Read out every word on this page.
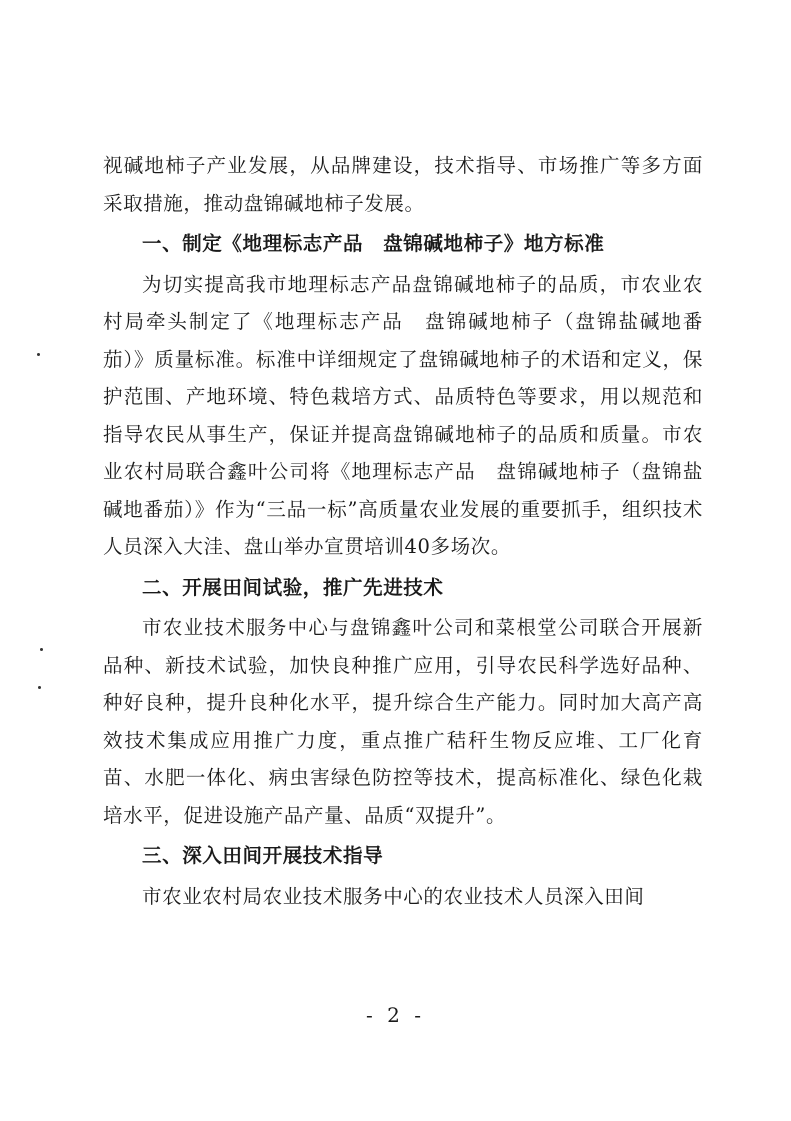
视碱地柿子产业发展，从品牌建设，技术指导、市场推广等多方面采取措施，推动盘锦碱地柿子发展。

一、制定《地理标志产品　盘锦碱地柿子》地方标准

为切实提高我市地理标志产品盘锦碱地柿子的品质，市农业农村局牵头制定了《地理标志产品　盘锦碱地柿子（盘锦盐碱地番茄）》质量标准。标准中详细规定了盘锦碱地柿子的术语和定义，保护范围、产地环境、特色栽培方式、品质特色等要求，用以规范和指导农民从事生产，保证并提高盘锦碱地柿子的品质和质量。市农业农村局联合鑫叶公司将《地理标志产品　盘锦碱地柿子（盘锦盐碱地番茄）》作为“三品一标”高质量农业发展的重要抓手，组织技术人员深入大洼、盘山举办宣贯培训40多场次。

二、开展田间试验，推广先进技术

市农业技术服务中心与盘锦鑫叶公司和菜根堂公司联合开展新品种、新技术试验，加快良种推广应用，引导农民科学选好品种、种好良种，提升良种化水平，提升综合生产能力。同时加大高产高效技术集成应用推广力度，重点推广秸秆生物反应堆、工厂化育苗、水肥一体化、病虫害绿色防控等技术，提高标准化、绿色化栽培水平，促进设施产品产量、品质“双提升”。

三、深入田间开展技术指导

市农业农村局农业技术服务中心的农业技术人员深入田间

- 2 -
